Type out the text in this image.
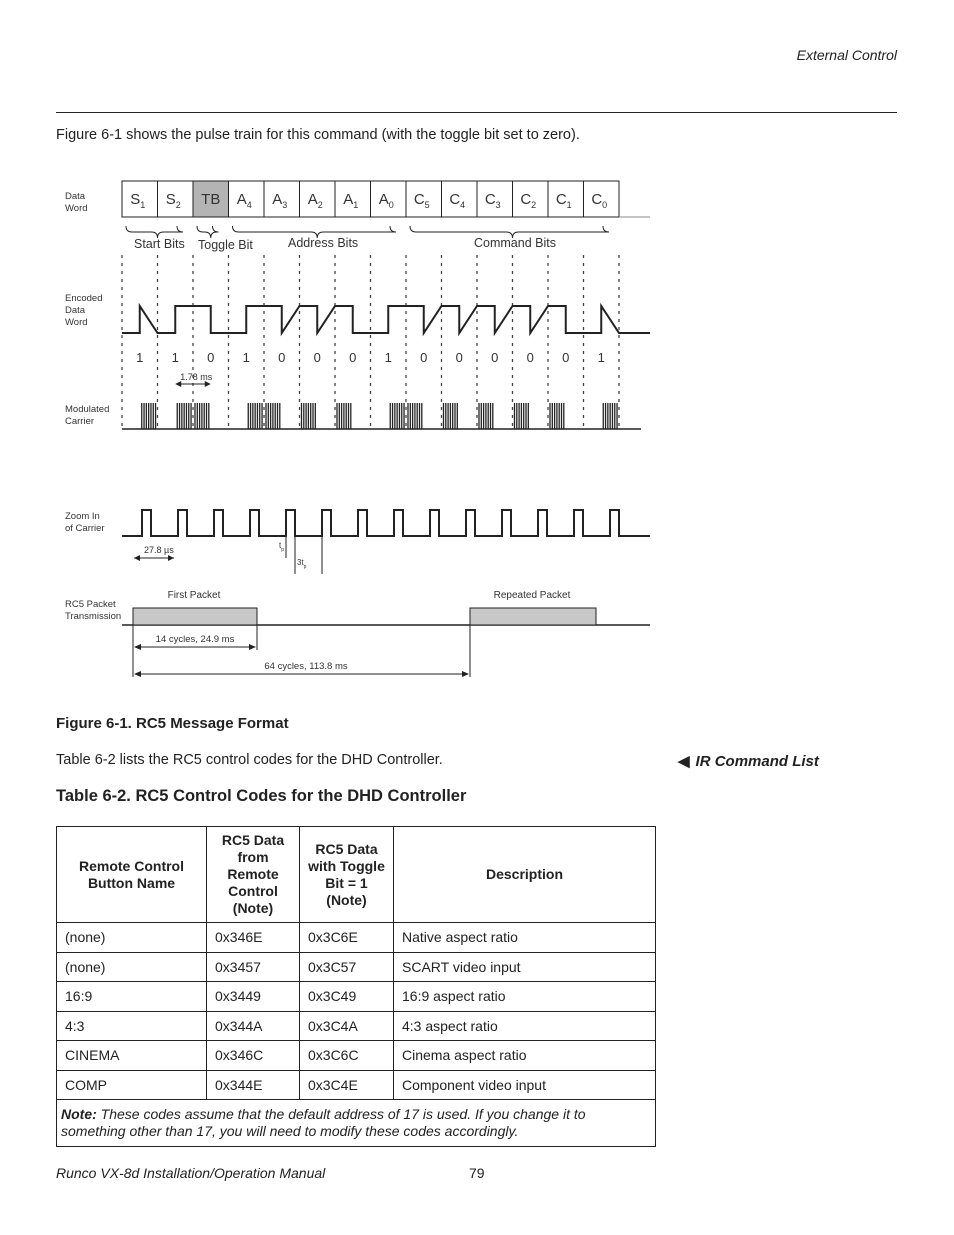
External Control
Figure 6-1 shows the pulse train for this command (with the toggle bit set to zero).
Data
Word
Encoded
Data
Word
Modulated
Carrier
Zoom In
of Carrier
RC5 Packet
Transmission
$S_1$ $S_2$ TB $A_4$ $A_3$ $A_2$ $A_1$ $A_0$ $C_5$ $C_4$ $C_3$ $C_2$ $C_1$ $C_0$
Start Bits Toggle Bit	Address Bits	Command Bits
1 1 0 1 0 0 0 1 0 0 0 0 0 1
1.78 ms
27.8 µs	$t_p$
$3t_p$
First Packet	Repeated Packet
14 cycles, 24.9 ms
64 cycles, 113.8 ms
Figure 6-1. RC5 Message Format
Table 6-2 lists the RC5 control codes for the DHD Controller.	◀ IR Command List
Table 6-2. RC5 Control Codes for the DHD Controller
Remote Control
Button Name	RC5 Data
from
Remote
Control
(Note)	RC5 Data
with Toggle
Bit = 1
(Note)	Description
(none)	0x346E	0x3C6E	Native aspect ratio
(none)	0x3457	0x3C57	SCART video input
16:9	0x3449	0x3C49	16:9 aspect ratio
4:3	0x344A	0x3C4A	4:3 aspect ratio
CINEMA	0x346C	0x3C6C	Cinema aspect ratio
COMP	0x344E	0x3C4E	Component video input
Note: These codes assume that the default address of 17 is used. If you change it to something other than 17, you will need to modify these codes accordingly.			
Runco VX-8d Installation/Operation Manual	79
